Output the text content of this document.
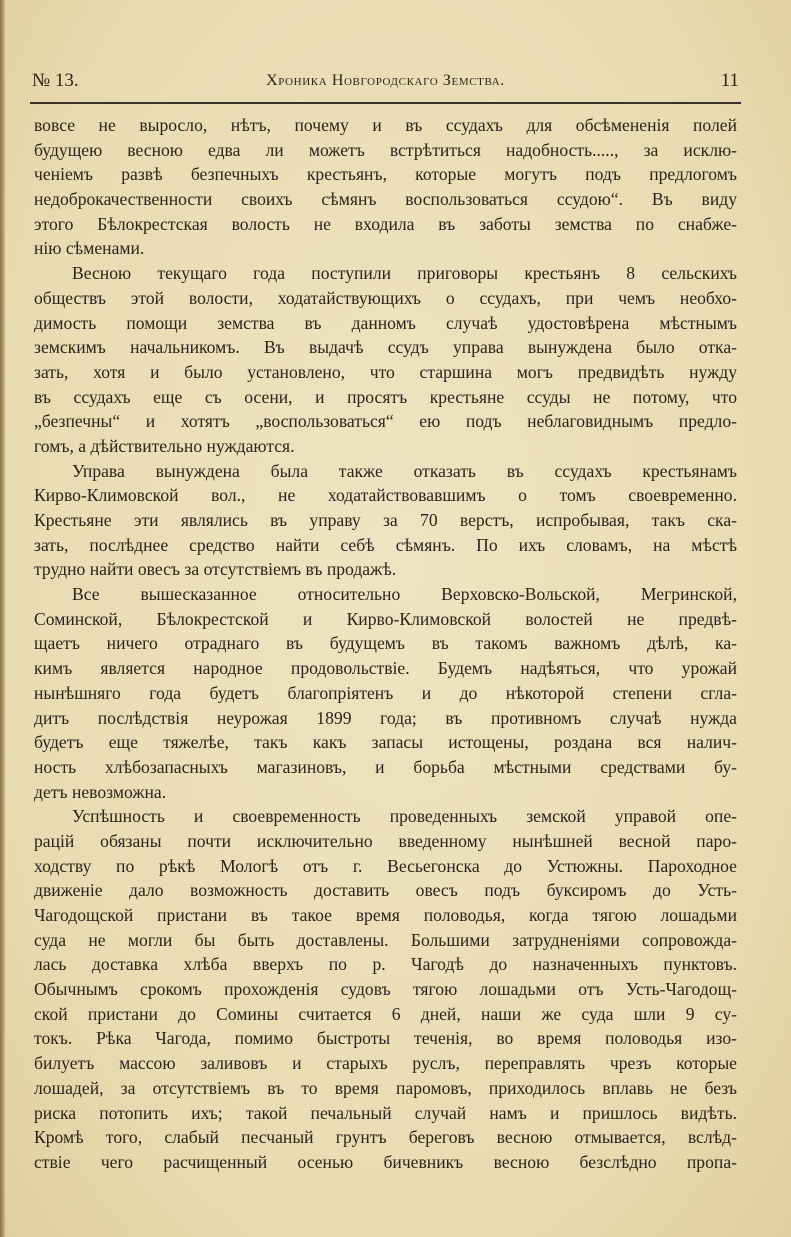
№ 13.	Хроника Новгородскаго Земства.	11
вовсе не выросло, нѣтъ, почему и въ ссудахъ для обсѣмененія полей
будущею весною едва ли можетъ встрѣтиться надобность....., за исклю-
ченіемъ развѣ безпечныхъ крестьянъ, которые могутъ подъ предлогомъ
недоброкачественности своихъ сѣмянъ воспользоваться ссудою“. Въ виду
этого Бѣлокрестская волость не входила въ заботы земства по снабже-
нію сѣменами.
Весною текущаго года поступили приговоры крестьянъ 8 сельскихъ
обществъ этой волости, ходатайствующихъ о ссудахъ, при чемъ необхо-
димость помощи земства въ данномъ случаѣ удостовѣрена мѣстнымъ
земскимъ начальникомъ. Въ выдачѣ ссудъ управа вынуждена было отка-
зать, хотя и было установлено, что старшина могъ предвидѣть нужду
въ ссудахъ еще съ осени, и просятъ крестьяне ссуды не потому, что
„безпечны“ и хотятъ „воспользоваться“ ею подъ неблаговиднымъ предло-
гомъ, а дѣйствительно нуждаются.
Управа вынуждена была также отказать въ ссудахъ крестьянамъ
Кирво-Климовской вол., не ходатайствовавшимъ о томъ своевременно.
Крестьяне эти являлись въ управу за 70 верстъ, испробывая, такъ ска-
зать, послѣднее средство найти себѣ сѣмянъ. По ихъ словамъ, на мѣстѣ
трудно найти овесъ за отсутствіемъ въ продажѣ.
Все вышесказанное относительно Верховско-Вольской, Мегринской,
Соминской, Бѣлокрестской и Кирво-Климовской волостей не предвѣ-
щаетъ ничего отраднаго въ будущемъ въ такомъ важномъ дѣлѣ, ка-
кимъ является народное продовольствіе. Будемъ надѣяться, что урожай
нынѣшняго года будетъ благопріятенъ и до нѣкоторой степени сгла-
дитъ послѣдствія неурожая 1899 года; въ противномъ случаѣ нужда
будетъ еще тяжелѣе, такъ какъ запасы истощены, роздана вся налич-
ность хлѣбозапасныхъ магазиновъ, и борьба мѣстными средствами бу-
детъ невозможна.
Успѣшность и своевременность проведенныхъ земской управой опе-
рацій обязаны почти исключительно введенному нынѣшней весной паро-
ходству по рѣкѣ Мологѣ отъ г. Весьегонска до Устюжны. Пароходное
движеніе дало возможность доставить овесъ подъ буксиромъ до Усть-
Чагодощской пристани въ такое время половодья, когда тягою лошадьми
суда не могли бы быть доставлены. Большими затрудненіями сопровожда-
лась доставка хлѣба вверхъ по р. Чагодѣ до назначенныхъ пунктовъ.
Обычнымъ срокомъ прохожденія судовъ тягою лошадьми отъ Усть-Чагодощ-
ской пристани до Сомины считается 6 дней, наши же суда шли 9 су-
токъ. Рѣка Чагода, помимо быстроты теченія, во время половодья изо-
билуетъ массою заливовъ и старыхъ руслъ, переправлять чрезъ которые
лошадей, за отсутствіемъ въ то время паромовъ, приходилось вплавь не безъ
риска потопить ихъ; такой печальный случай намъ и пришлось видѣть.
Кромѣ того, слабый песчаный грунтъ береговъ весною отмывается, вслѣд-
ствіе чего расчищенный осенью бичевникъ весною безслѣдно пропа-
